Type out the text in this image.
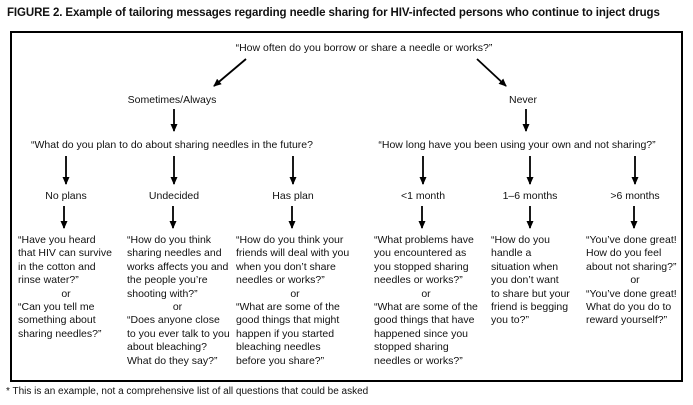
FIGURE 2. Example of tailoring messages regarding needle sharing for HIV-infected persons who continue to inject drugs
“How often do you borrow or share a needle or works?”
Sometimes/Always	Never
“What do you plan to do about sharing needles in the future?	“How long have you been using your own and not sharing?”
No plans	Undecided	Has plan	<1 month	1–6 months	>6 months
“Have you heard
that HIV can survive
in the cotton and
rinse water?”
or
“Can you tell me
something about
sharing needles?”
“How do you think
sharing needles and
works affects you and
the people you’re
shooting with?”
or
“Does anyone close
to you ever talk to you
about bleaching?
What do they say?”
“How do you think your
friends will deal with you
when you don’t share
needles or works?”
or
“What are some of the
good things that might
happen if you started
bleaching needles
before you share?”
“What problems have
you encountered as
you stopped sharing
needles or works?”
or
“What are some of the
good things that have
happened since you
stopped sharing
needles or works?”
“How do you
handle a
situation when
you don’t want
to share but your
friend is begging
you to?”
“You’ve done great!
How do you feel
about not sharing?”
or
“You’ve done great!
What do you do to
reward yourself?”
* This is an example, not a comprehensive list of all questions that could be asked
